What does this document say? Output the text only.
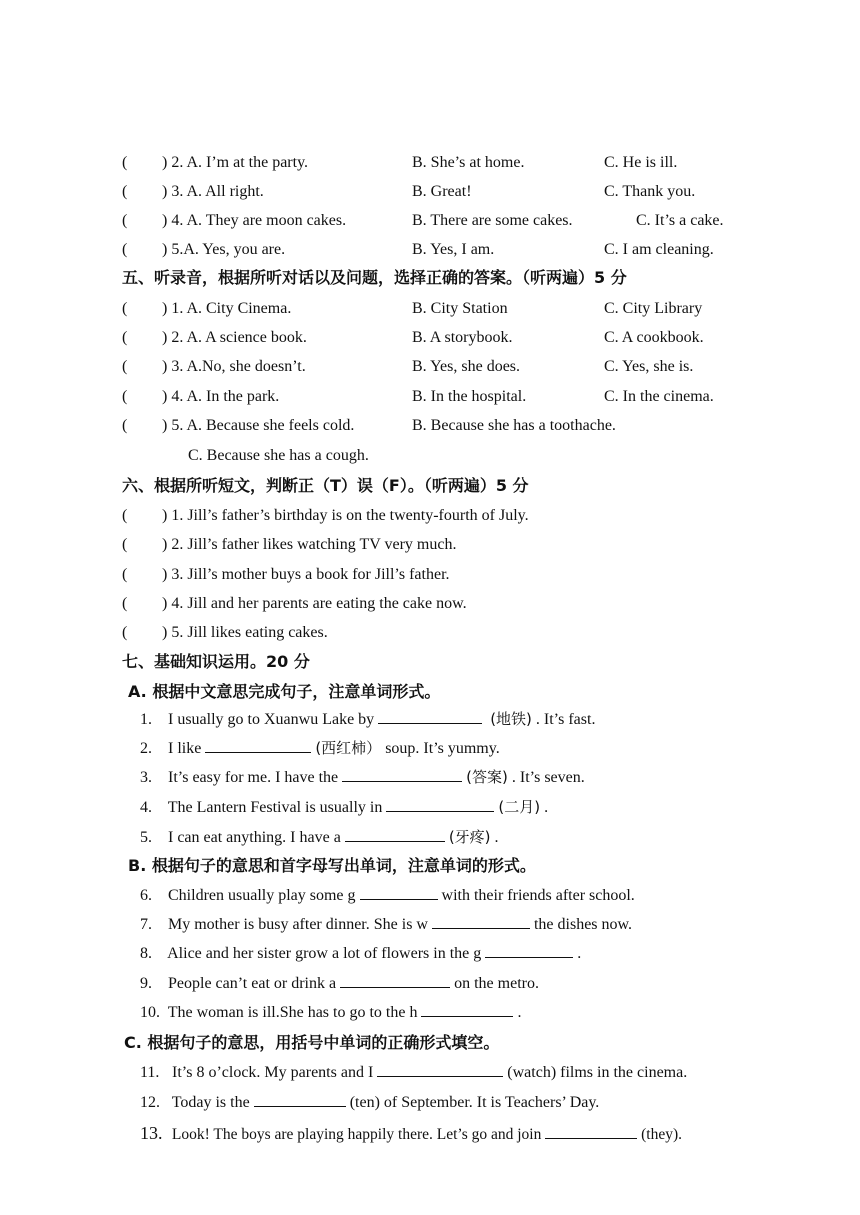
( ) 2. A. I’m at the party.	B. She’s at home.	C. He is ill.
( ) 3. A. All right.	B. Great!	C. Thank you.
( ) 4. A. They are moon cakes.	B. There are some cakes.	C. It’s a cake.
( ) 5.A. Yes, you are.	B. Yes, I am.	C. I am cleaning.
五、听录音，根据所听对话以及问题，选择正确的答案。（听两遍）5 分
( ) 1. A. City Cinema.	B. City Station	C. City Library
( ) 2. A. A science book.	B. A storybook.	C. A cookbook.
( ) 3. A.No, she doesn’t.	B. Yes, she does.	C. Yes, she is.
( ) 4. A. In the park.	B. In the hospital.	C. In the cinema.
( ) 5. A. Because she feels cold.	B. Because she has a toothache.
C. Because she has a cough.
六、根据所听短文，判断正（T）误（F）。（听两遍）5 分
( ) 1. Jill’s father’s birthday is on the twenty-fourth of July.
( ) 2. Jill’s father likes watching TV very much.
( ) 3. Jill’s mother buys a book for Jill’s father.
( ) 4. Jill and her parents are eating the cake now.
( ) 5. Jill likes eating cakes.
七、基础知识运用。20 分
A. 根据中文意思完成句子，注意单词形式。
1. I usually go to Xuanwu Lake by	(地铁) . It’s fast.
2. I like	(西红柿） soup. It’s yummy.
3. It’s easy for me. I have the	(答案) . It’s seven.
4. The Lantern Festival is usually in	(二月) .
5. I can eat anything. I have a	(牙疼) .
B. 根据句子的意思和首字母写出单词，注意单词的形式。
6. Children usually play some g	with their friends after school.
7. My mother is busy after dinner. She is w	the dishes now.
8. Alice and her sister grow a lot of flowers in the g	.
9. People can’t eat or drink a	on the metro.
10. The woman is ill.She has to go to the h	.
C. 根据句子的意思，用括号中单词的正确形式填空。
11. It’s 8 o’clock. My parents and I	(watch) films in the cinema.
12. Today is the	(ten) of September. It is Teachers’ Day.
13. Look! The boys are playing happily there. Let’s go and join	(they).
